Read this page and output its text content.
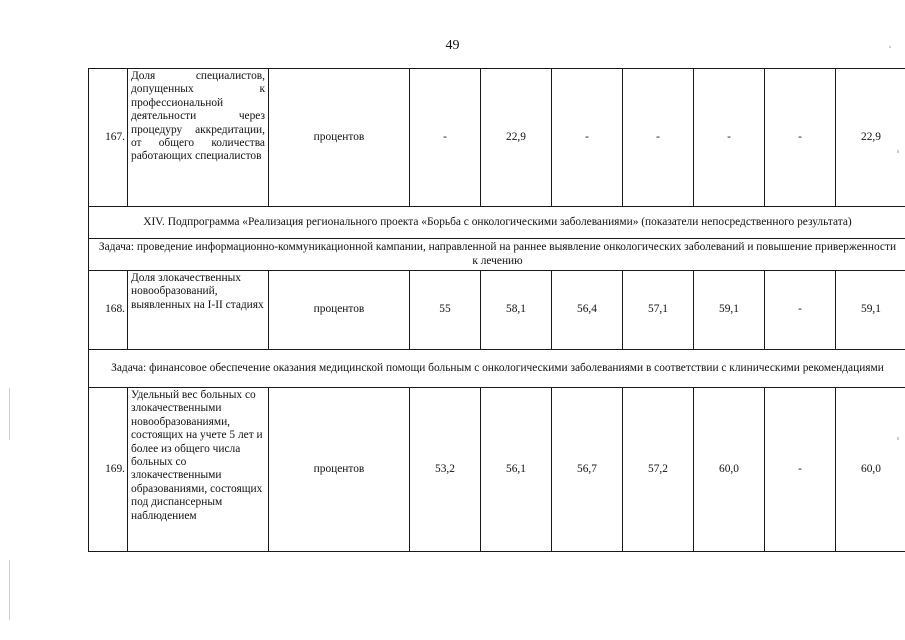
49
167.	Доля специалистов, допущенных к профессиональной деятельности через процедуру аккредитации, от общего количества работающих специалистов	процентов	-	22,9	-	-	-	-	22,9
XIV. Подпрограмма «Реализация регионального проекта «Борьба с онкологическими заболеваниями» (показатели непосредственного результата)									
Задача: проведение информационно-коммуникационной кампании, направленной на раннее выявление онкологических заболеваний и повышение приверженности к лечению									
168.	Доля злокачественных новообразований, выявленных на I-II стадиях	процентов	55	58,1	56,4	57,1	59,1	-	59,1
Задача: финансовое обеспечение оказания медицинской помощи больным с онкологическими заболеваниями в соответствии с клиническими рекомендациями									
169.	Удельный вес больных со злокачественными новообразованиями, состоящих на учете 5 лет и более из общего числа больных со злокачественными образованиями, состоящих под диспансерным наблюдением	процентов	53,2	56,1	56,7	57,2	60,0	-	60,0
